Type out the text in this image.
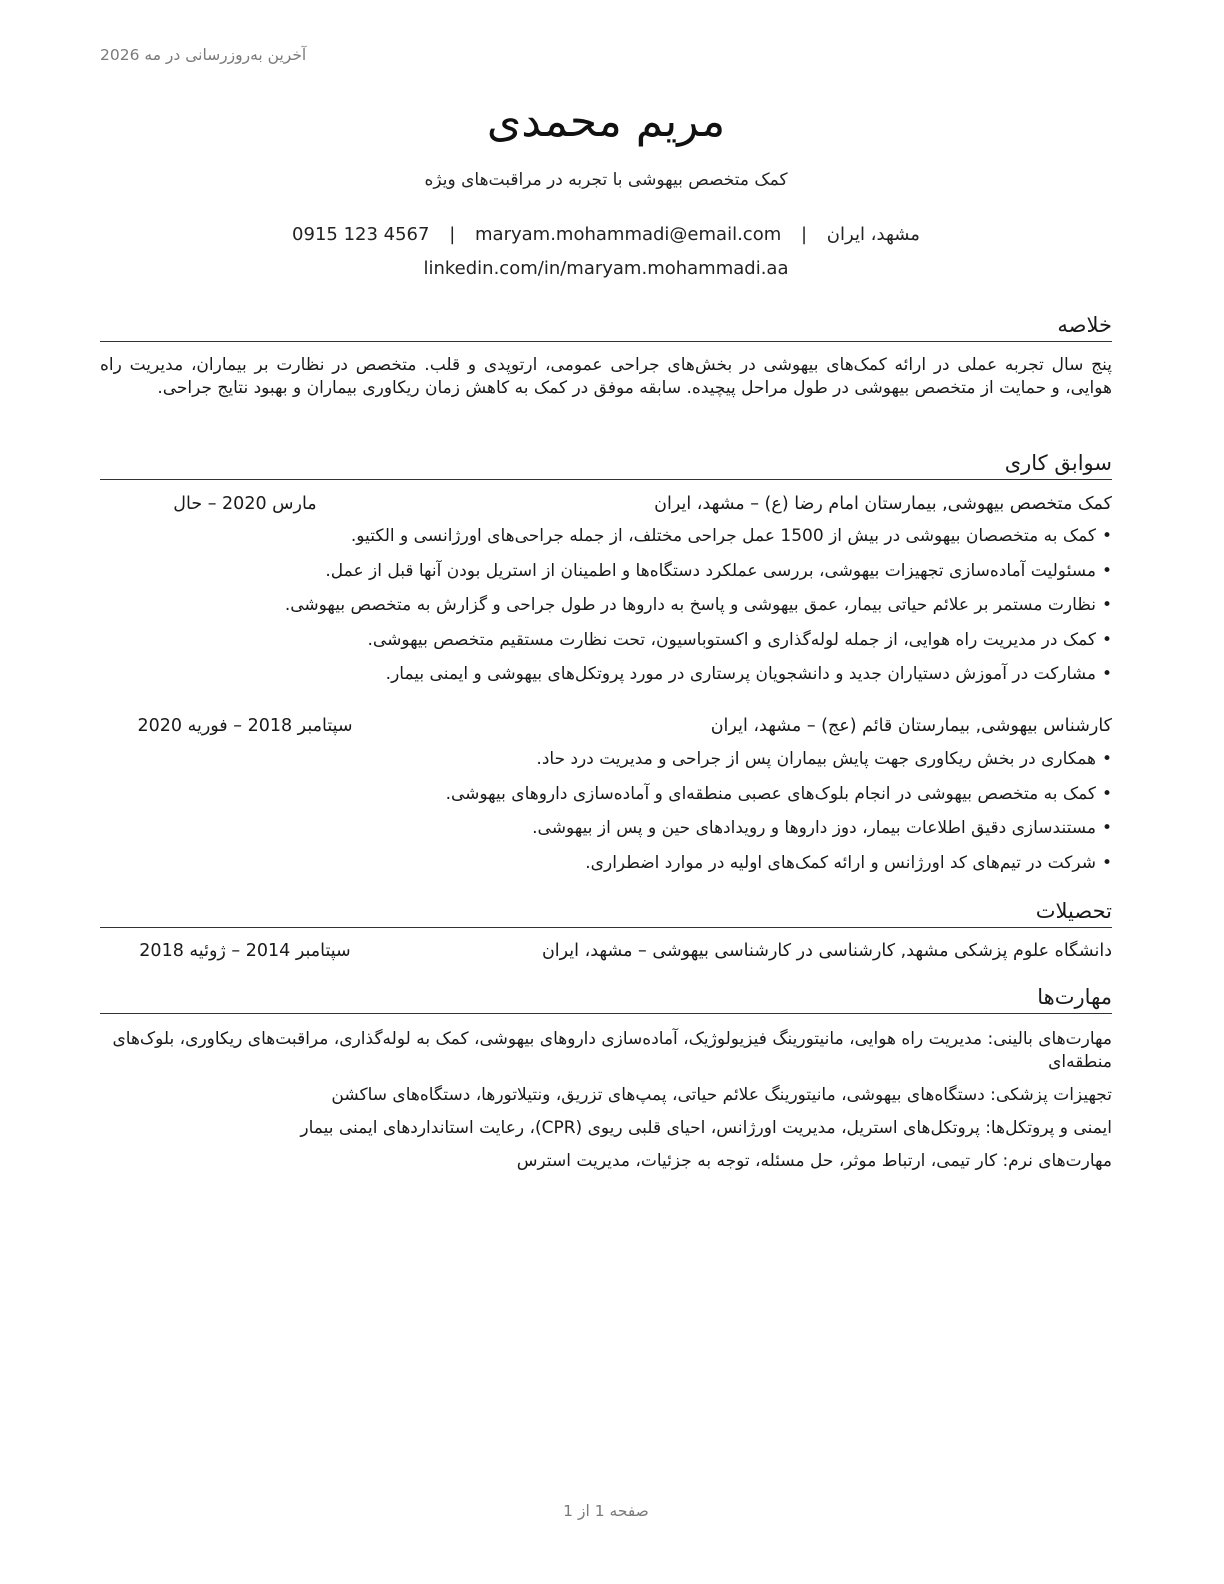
آخرین به‌روزرسانی در مه 2026
مریم محمدی
کمک متخصص بیهوشی با تجربه در مراقبت‌های ویژه
مشهد، ایران | maryam.mohammadi@email.com | 0915 123 4567
linkedin.com/in/maryam.mohammadi.aa
خلاصه
پنج سال تجربه عملی در ارائه کمک‌های بیهوشی در بخش‌های جراحی عمومی، ارتوپدی و قلب. متخصص در نظارت بر بیماران، مدیریت راه هوایی، و حمایت از متخصص بیهوشی در طول مراحل پیچیده. سابقه موفق در کمک به کاهش زمان ریکاوری بیماران و بهبود نتایج جراحی.
سوابق کاری
کمک متخصص بیهوشی, بیمارستان امام رضا (ع) – مشهد، ایران
مارس 2020 – حال
•کمک به متخصصان بیهوشی در بیش از 1500 عمل جراحی مختلف، از جمله جراحی‌های اورژانسی و الکتیو.
•مسئولیت آماده‌سازی تجهیزات بیهوشی، بررسی عملکرد دستگاه‌ها و اطمینان از استریل بودن آنها قبل از عمل.
•نظارت مستمر بر علائم حیاتی بیمار، عمق بیهوشی و پاسخ به داروها در طول جراحی و گزارش به متخصص بیهوشی.
•کمک در مدیریت راه هوایی، از جمله لوله‌گذاری و اکستوباسیون، تحت نظارت مستقیم متخصص بیهوشی.
•مشارکت در آموزش دستیاران جدید و دانشجویان پرستاری در مورد پروتکل‌های بیهوشی و ایمنی بیمار.
کارشناس بیهوشی, بیمارستان قائم (عج) – مشهد، ایران
سپتامبر 2018 – فوریه 2020
•همکاری در بخش ریکاوری جهت پایش بیماران پس از جراحی و مدیریت درد حاد.
•کمک به متخصص بیهوشی در انجام بلوک‌های عصبی منطقه‌ای و آماده‌سازی داروهای بیهوشی.
•مستندسازی دقیق اطلاعات بیمار، دوز داروها و رویدادهای حین و پس از بیهوشی.
•شرکت در تیم‌های کد اورژانس و ارائه کمک‌های اولیه در موارد اضطراری.
تحصیلات
دانشگاه علوم پزشکی مشهد, کارشناسی در کارشناسی بیهوشی – مشهد، ایران
سپتامبر 2014 – ژوئیه 2018
مهارت‌ها

مهارت‌های بالینی: مدیریت راه هوایی، مانیتورینگ فیزیولوژیک، آماده‌سازی داروهای بیهوشی، کمک به لوله‌گذاری، مراقبت‌های ریکاوری، بلوک‌های منطقه‌ای

تجهیزات پزشکی: دستگاه‌های بیهوشی، مانیتورینگ علائم حیاتی، پمپ‌های تزریق، ونتیلاتورها، دستگاه‌های ساکشن

ایمنی و پروتکل‌ها: پروتکل‌های استریل، مدیریت اورژانس، احیای قلبی ریوی (CPR)، رعایت استانداردهای ایمنی بیمار

مهارت‌های نرم: کار تیمی، ارتباط موثر، حل مسئله، توجه به جزئیات، مدیریت استرس

صفحه 1 از 1
